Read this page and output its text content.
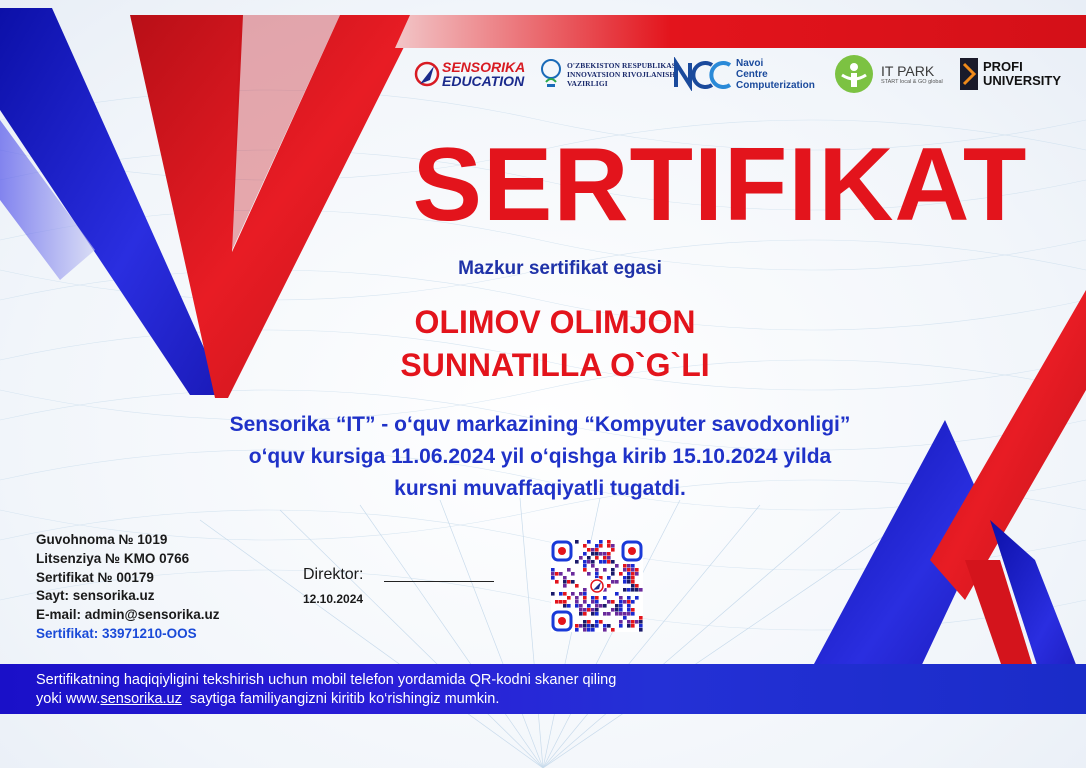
SENSORIKA
EDUCATION
O'ZBEKISTON RESPUBLIKASI
INNOVATSION RIVOJLANISH
VAZIRLIGI
Navoi
Centre
Computerization
IT PARK
START local & GO global
PROFI
UNIVERSITY
SERTIFIKAT
Mazkur sertifikat egasi
OLIMOV OLIMJON
SUNNATILLA O`G`LI
Sensorika “IT” - o‘quv markazining “Kompyuter savodxonligi”
o‘quv kursiga 11.06.2024 yil o‘qishga kirib 15.10.2024 yilda
kursni muvaffaqiyatli tugatdi.
Guvohnoma № 1019
Litsenziya № KMO 0766
Sertifikat № 00179
Sayt: sensorika.uz
E-mail: admin@sensorika.uz
Sertifikat: 33971210-OOS
Direktor:
12.10.2024
Sertifikatning haqiqiyligini tekshirish uchun mobil telefon yordamida QR-kodni skaner qiling
yoki www.sensorika.uz  saytiga familiyangizni kiritib ko‘rishingiz mumkin.
